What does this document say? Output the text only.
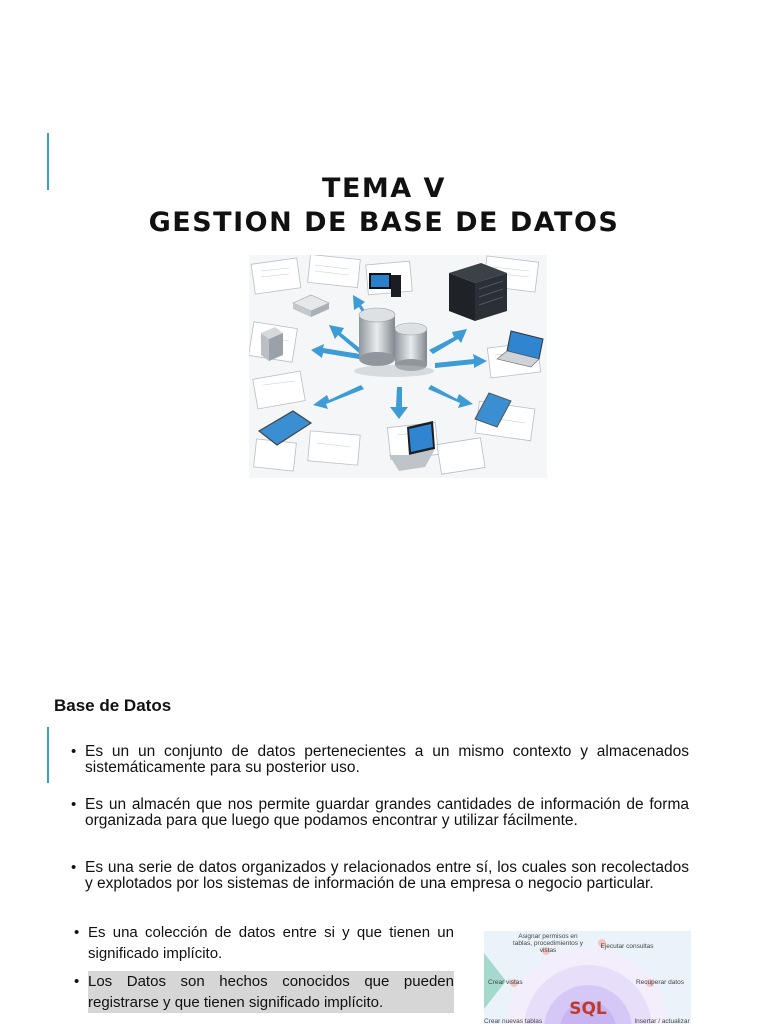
TEMA V
GESTION DE BASE DE DATOS
Base de Datos
• Es un un conjunto de datos pertenecientes a un mismo contexto y almacenados sistemáticamente para su posterior uso.
• Es un almacén que nos permite guardar grandes cantidades de información de forma organizada para que luego que podamos encontrar y utilizar fácilmente.
• Es una serie de datos organizados y relacionados entre sí, los cuales son recolectados y explotados por los sistemas de información de una empresa o negocio particular.
• Es una colección de datos entre si y que tienen un significado implícito.
• Los Datos son hechos conocidos que pueden registrarse y que tienen significado implícito.
Asignar permisos en tablas, procedimientos y vistas
Ejecutar consultas
Crear vistas	Recuperar datos
Crear nuevas tablas	Insertar / actualizar
SQL
